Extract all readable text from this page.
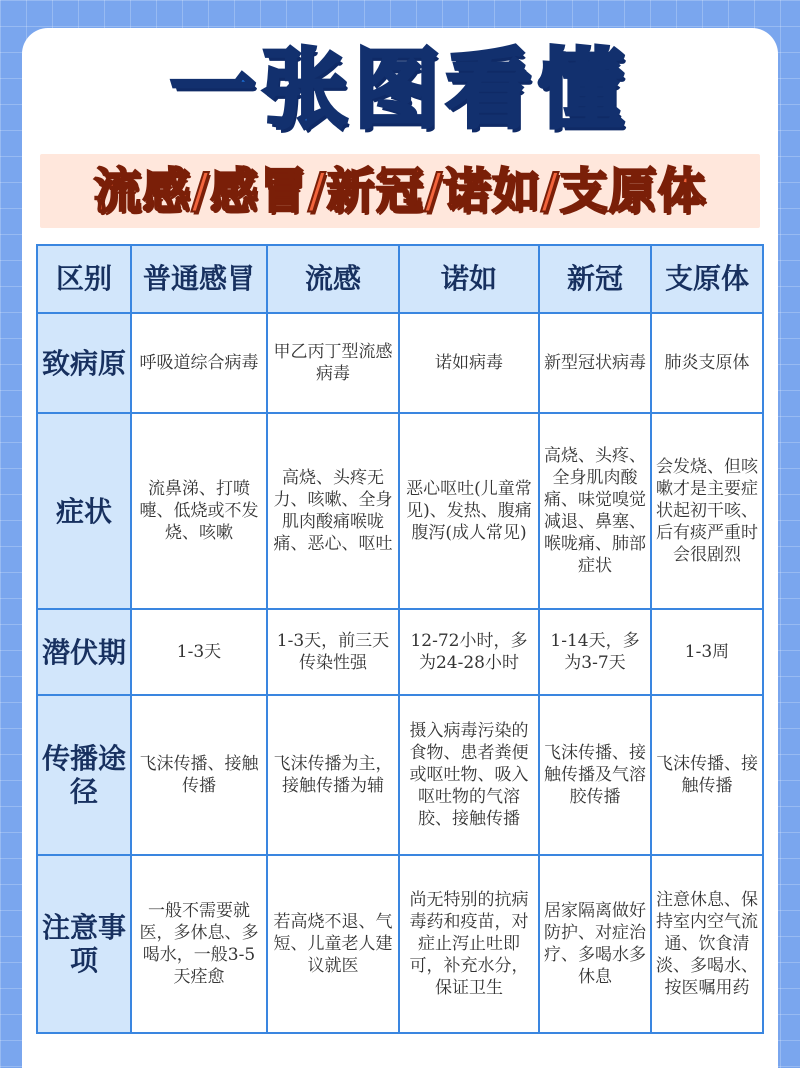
一张图看懂
流感/感冒/新冠/诺如/支原体
区别	普通感冒	流感	诺如	新冠	支原体
致病原	呼吸道综合病毒	甲乙丙丁型流感病毒	诺如病毒	新型冠状病毒	肺炎支原体
症状	流鼻涕、打喷嚏、低烧或不发烧、咳嗽	高烧、头疼无力、咳嗽、全身肌肉酸痛喉咙痛、恶心、呕吐	恶心呕吐(儿童常见)、发热、腹痛腹泻(成人常见)	高烧、头疼、全身肌肉酸痛、味觉嗅觉减退、鼻塞、喉咙痛、肺部症状	会发烧、但咳嗽才是主要症状起初干咳、后有痰严重时会很剧烈
潜伏期	1-3天	1-3天，前三天传染性强	12-72小时，多为24-28小时	1-14天，多为3-7天	1-3周
传播途径	飞沫传播、接触传播	飞沫传播为主，接触传播为辅	摄入病毒污染的食物、患者粪便或呕吐物、吸入呕吐物的气溶胶、接触传播	飞沫传播、接触传播及气溶胶传播	飞沫传播、接触传播
注意事项	一般不需要就医，多休息、多喝水，一般3-5天痊愈	若高烧不退、气短、儿童老人建议就医	尚无特别的抗病毒药和疫苗，对症止泻止吐即可，补充水分，保证卫生	居家隔离做好防护、对症治疗、多喝水多休息	注意休息、保持室内空气流通、饮食清淡、多喝水、按医嘱用药
